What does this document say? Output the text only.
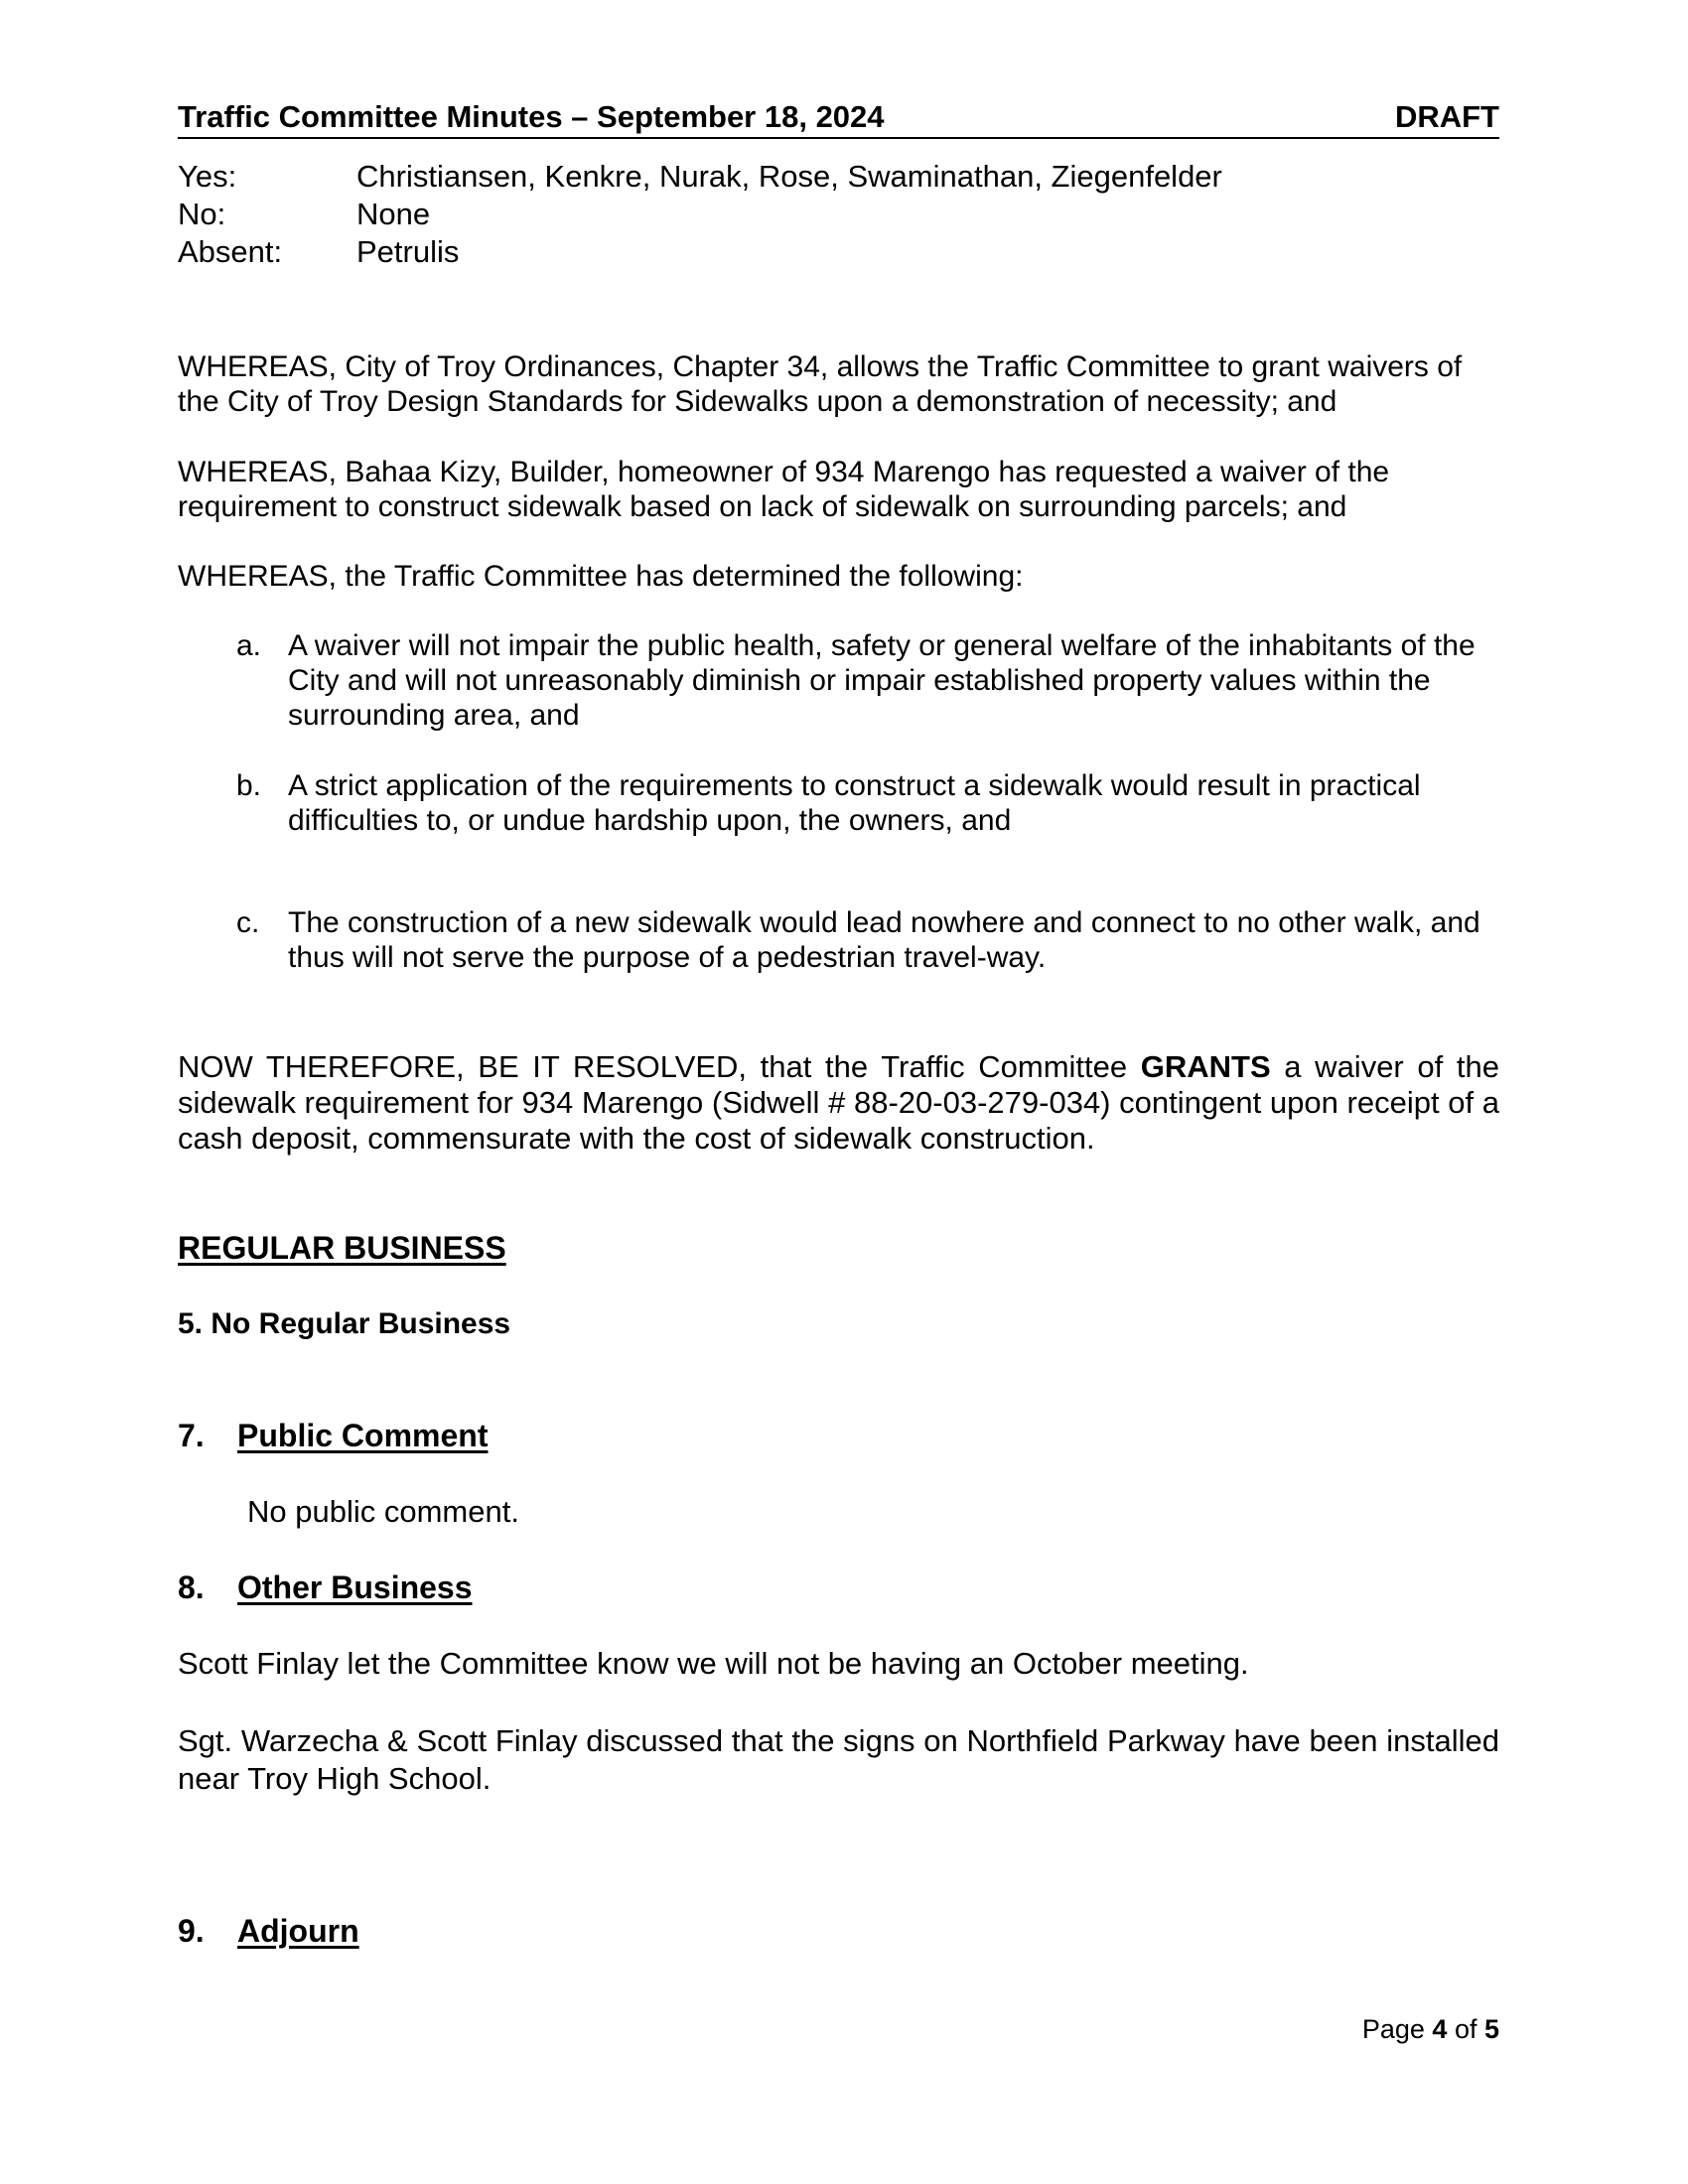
Traffic Committee Minutes – September 18, 2024	DRAFT
Yes:	Christiansen, Kenkre, Nurak, Rose, Swaminathan, Ziegenfelder
No:	None
Absent: Petrulis

WHEREAS, City of Troy Ordinances, Chapter 34, allows the Traffic Committee to grant waivers of the City of Troy Design Standards for Sidewalks upon a demonstration of necessity; and

WHEREAS, Bahaa Kizy, Builder, homeowner of 934 Marengo has requested a waiver of the requirement to construct sidewalk based on lack of sidewalk on surrounding parcels; and

WHEREAS, the Traffic Committee has determined the following:

a. A waiver will not impair the public health, safety or general welfare of the inhabitants of the City and will not unreasonably diminish or impair established property values within the surrounding area, and
b. A strict application of the requirements to construct a sidewalk would result in practical difficulties to, or undue hardship upon, the owners, and
c. The construction of a new sidewalk would lead nowhere and connect to no other walk, and thus will not serve the purpose of a pedestrian travel-way.

NOW THEREFORE, BE IT RESOLVED, that the Traffic Committee GRANTS a waiver of the sidewalk requirement for 934 Marengo (Sidwell # 88-20-03-279-034) contingent upon receipt of a cash deposit, commensurate with the cost of sidewalk construction.

REGULAR BUSINESS
5. No Regular Business
7. Public Comment
No public comment.
8. Other Business

Scott Finlay let the Committee know we will not be having an October meeting.

Sgt. Warzecha & Scott Finlay discussed that the signs on Northfield Parkway have been installed near Troy High School.

9. Adjourn
Page 4 of 5
